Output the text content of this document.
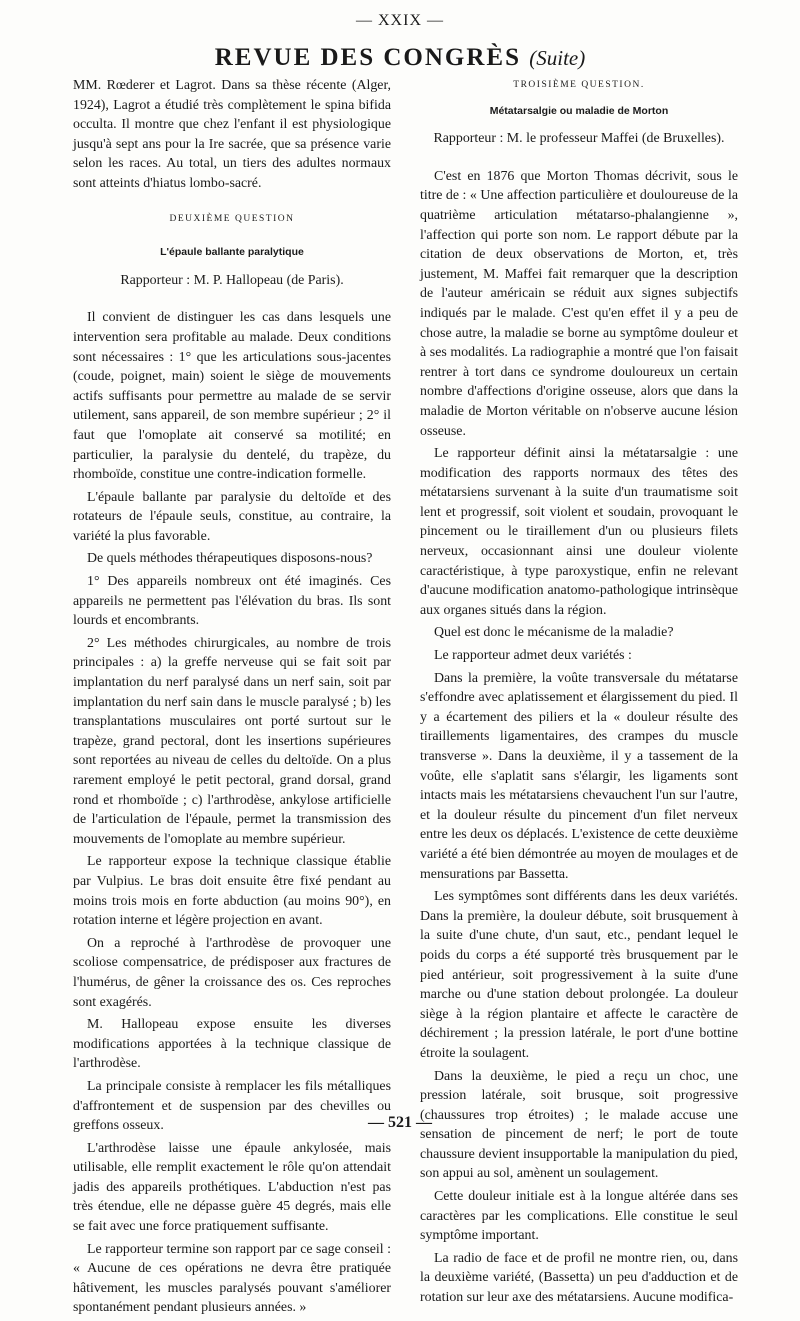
— XXIX —
REVUE DES CONGRÈS (Suite)

MM. Rœderer et Lagrot. Dans sa thèse récente (Alger, 1924), Lagrot a étudié très complètement le spina bifida occulta. Il montre que chez l'enfant il est physiologique jusqu'à sept ans pour la Ire sacrée, que sa présence varie selon les races. Au total, un tiers des adultes normaux sont atteints d'hiatus lombo-sacré.

DEUXIÈME QUESTION
L'épaule ballante paralytique
Rapporteur : M. P. Hallopeau (de Paris).

Il convient de distinguer les cas dans lesquels une intervention sera profitable au malade. Deux conditions sont nécessaires : 1° que les articulations sous-jacentes (coude, poignet, main) soient le siège de mouvements actifs suffisants pour permettre au malade de se servir utilement, sans appareil, de son membre supérieur ; 2° il faut que l'omoplate ait conservé sa motilité; en particulier, la paralysie du dentelé, du trapèze, du rhomboïde, constitue une contre-indication formelle.

L'épaule ballante par paralysie du deltoïde et des rotateurs de l'épaule seuls, constitue, au contraire, la variété la plus favorable.

De quels méthodes thérapeutiques disposons-nous?

1° Des appareils nombreux ont été imaginés. Ces appareils ne permettent pas l'élévation du bras. Ils sont lourds et encombrants.

2° Les méthodes chirurgicales, au nombre de trois principales : a) la greffe nerveuse qui se fait soit par implantation du nerf paralysé dans un nerf sain, soit par implantation du nerf sain dans le muscle paralysé ; b) les transplantations musculaires ont porté surtout sur le trapèze, grand pectoral, dont les insertions supérieures sont reportées au niveau de celles du deltoïde. On a plus rarement employé le petit pectoral, grand dorsal, grand rond et rhomboïde ; c) l'arthrodèse, ankylose artificielle de l'articulation de l'épaule, permet la transmission des mouvements de l'omoplate au membre supérieur.

Le rapporteur expose la technique classique établie par Vulpius. Le bras doit ensuite être fixé pendant au moins trois mois en forte abduction (au moins 90°), en rotation interne et légère projection en avant.

On a reproché à l'arthrodèse de provoquer une scoliose compensatrice, de prédisposer aux fractures de l'humérus, de gêner la croissance des os. Ces reproches sont exagérés.

M. Hallopeau expose ensuite les diverses modifications apportées à la technique classique de l'arthrodèse.

La principale consiste à remplacer les fils métalliques d'affrontement et de suspension par des chevilles ou greffons osseux.

L'arthrodèse laisse une épaule ankylosée, mais utilisable, elle remplit exactement le rôle qu'on attendait jadis des appareils prothétiques. L'abduction n'est pas très étendue, elle ne dépasse guère 45 degrés, mais elle se fait avec une force pratiquement suffisante.

Le rapporteur termine son rapport par ce sage conseil : « Aucune de ces opérations ne devra être pratiquée hâtivement, les muscles paralysés pouvant s'améliorer spontanément pendant plusieurs années. »

TROISIÈME QUESTION.
Métatarsalgie ou maladie de Morton
Rapporteur : M. le professeur Maffei (de Bruxelles).

C'est en 1876 que Morton Thomas décrivit, sous le titre de : « Une affection particulière et douloureuse de la quatrième articulation métatarso-phalangienne », l'affection qui porte son nom. Le rapport débute par la citation de deux observations de Morton, et, très justement, M. Maffei fait remarquer que la description de l'auteur américain se réduit aux signes subjectifs indiqués par le malade. C'est qu'en effet il y a peu de chose autre, la maladie se borne au symptôme douleur et à ses modalités. La radiographie a montré que l'on faisait rentrer à tort dans ce syndrome douloureux un certain nombre d'affections d'origine osseuse, alors que dans la maladie de Morton véritable on n'observe aucune lésion osseuse.

Le rapporteur définit ainsi la métatarsalgie : une modification des rapports normaux des têtes des métatarsiens survenant à la suite d'un traumatisme soit lent et progressif, soit violent et soudain, provoquant le pincement ou le tiraillement d'un ou plusieurs filets nerveux, occasionnant ainsi une douleur violente caractéristique, à type paroxystique, enfin ne relevant d'aucune modification anatomo-pathologique intrinsèque aux organes situés dans la région.

Quel est donc le mécanisme de la maladie?

Le rapporteur admet deux variétés :

Dans la première, la voûte transversale du métatarse s'effondre avec aplatissement et élargissement du pied. Il y a écartement des piliers et la « douleur résulte des tiraillements ligamentaires, des crampes du muscle transverse ». Dans la deuxième, il y a tassement de la voûte, elle s'aplatit sans s'élargir, les ligaments sont intacts mais les métatarsiens chevauchent l'un sur l'autre, et la douleur résulte du pincement d'un filet nerveux entre les deux os déplacés. L'existence de cette deuxième variété a été bien démontrée au moyen de moulages et de mensurations par Bassetta.

Les symptômes sont différents dans les deux variétés. Dans la première, la douleur débute, soit brusquement à la suite d'une chute, d'un saut, etc., pendant lequel le poids du corps a été supporté très brusquement par le pied antérieur, soit progressivement à la suite d'une marche ou d'une station debout prolongée. La douleur siège à la région plantaire et affecte le caractère de déchirement ; la pression latérale, le port d'une bottine étroite la soulagent.

Dans la deuxième, le pied a reçu un choc, une pression latérale, soit brusque, soit progressive (chaussures trop étroites) ; le malade accuse une sensation de pincement de nerf; le port de toute chaussure devient insupportable la manipulation du pied, son appui au sol, amènent un soulagement.

Cette douleur initiale est à la longue altérée dans ses caractères par les complications. Elle constitue le seul symptôme important.

La radio de face et de profil ne montre rien, ou, dans la deuxième variété, (Bassetta) un peu d'adduction et de rotation sur leur axe des métatarsiens. Aucune modifica-

— 521 —
